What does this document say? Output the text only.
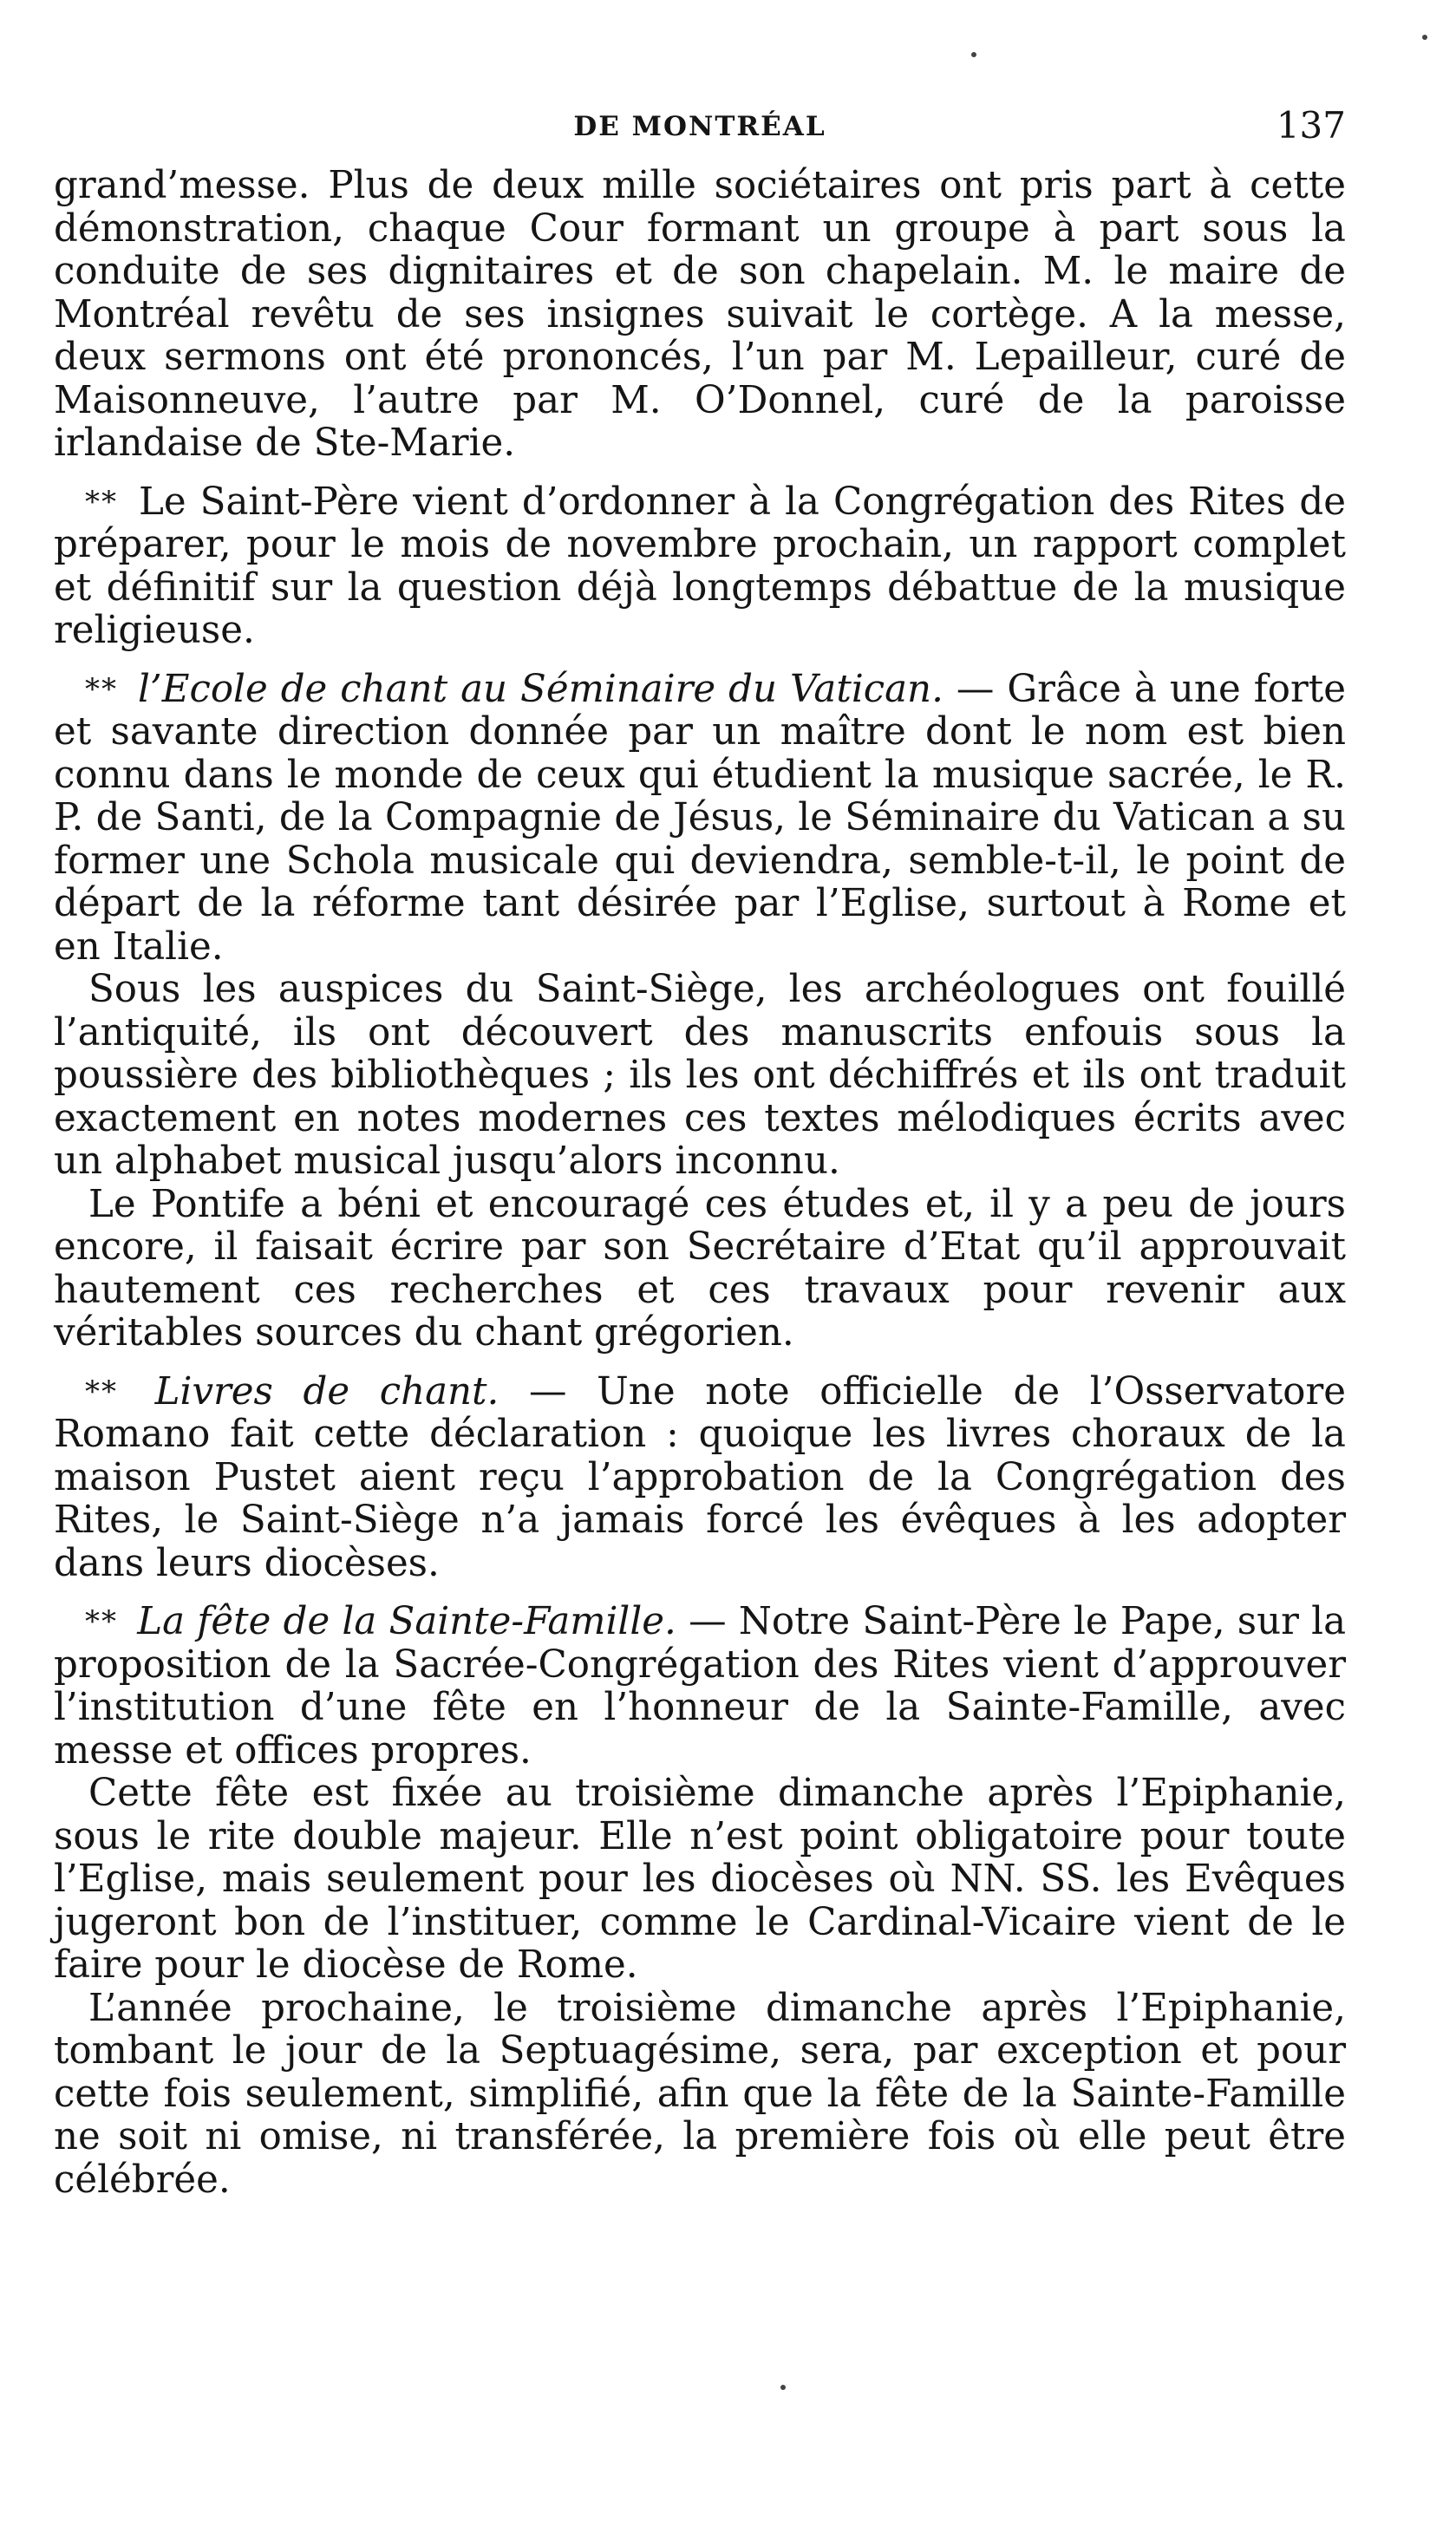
DE MONTRÉAL	137

grand’messe. Plus de deux mille sociétaires ont pris part à cette démonstration, chaque Cour formant un groupe à part sous la conduite de ses dignitaires et de son chapelain. M. le maire de Montréal revêtu de ses insignes suivait le cortège. A la messe, deux sermons ont été prononcés, l’un par M. Lepailleur, curé de Maisonneuve, l’autre par M. O’Donnel, curé de la paroisse irlandaise de Ste-Marie.

** Le Saint-Père vient d’ordonner à la Congrégation des Rites de préparer, pour le mois de novembre prochain, un rapport complet et définitif sur la question déjà longtemps débattue de la musique religieuse.

** l’Ecole de chant au Séminaire du Vatican. — Grâce à une forte et savante direction donnée par un maître dont le nom est bien connu dans le monde de ceux qui étudient la musique sacrée, le R. P. de Santi, de la Compagnie de Jésus, le Séminaire du Vatican a su former une Schola musicale qui deviendra, semble-t-il, le point de départ de la réforme tant désirée par l’Eglise, surtout à Rome et en Italie.

Sous les auspices du Saint-Siège, les archéologues ont fouillé l’antiquité, ils ont découvert des manuscrits enfouis sous la poussière des bibliothèques ; ils les ont déchiffrés et ils ont traduit exactement en notes modernes ces textes mélodiques écrits avec un alphabet musical jusqu’alors inconnu.

Le Pontife a béni et encouragé ces études et, il y a peu de jours encore, il faisait écrire par son Secrétaire d’Etat qu’il approuvait hautement ces recherches et ces travaux pour revenir aux véritables sources du chant grégorien.

** Livres de chant. — Une note officielle de l’Osservatore Romano fait cette déclaration : quoique les livres choraux de la maison Pustet aient reçu l’approbation de la Congrégation des Rites, le Saint-Siège n’a jamais forcé les évêques à les adopter dans leurs diocèses.

** La fête de la Sainte-Famille. — Notre Saint-Père le Pape, sur la proposition de la Sacrée-Congrégation des Rites vient d’approuver l’institution d’une fête en l’honneur de la Sainte-Famille, avec messe et offices propres.

Cette fête est fixée au troisième dimanche après l’Epiphanie, sous le rite double majeur. Elle n’est point obligatoire pour toute l’Eglise, mais seulement pour les diocèses où NN. SS. les Evêques jugeront bon de l’instituer, comme le Cardinal-Vicaire vient de le faire pour le diocèse de Rome.

L’année prochaine, le troisième dimanche après l’Epiphanie, tombant le jour de la Septuagésime, sera, par exception et pour cette fois seulement, simplifié, afin que la fête de la Sainte-Famille ne soit ni omise, ni transférée, la première fois où elle peut être célébrée.
